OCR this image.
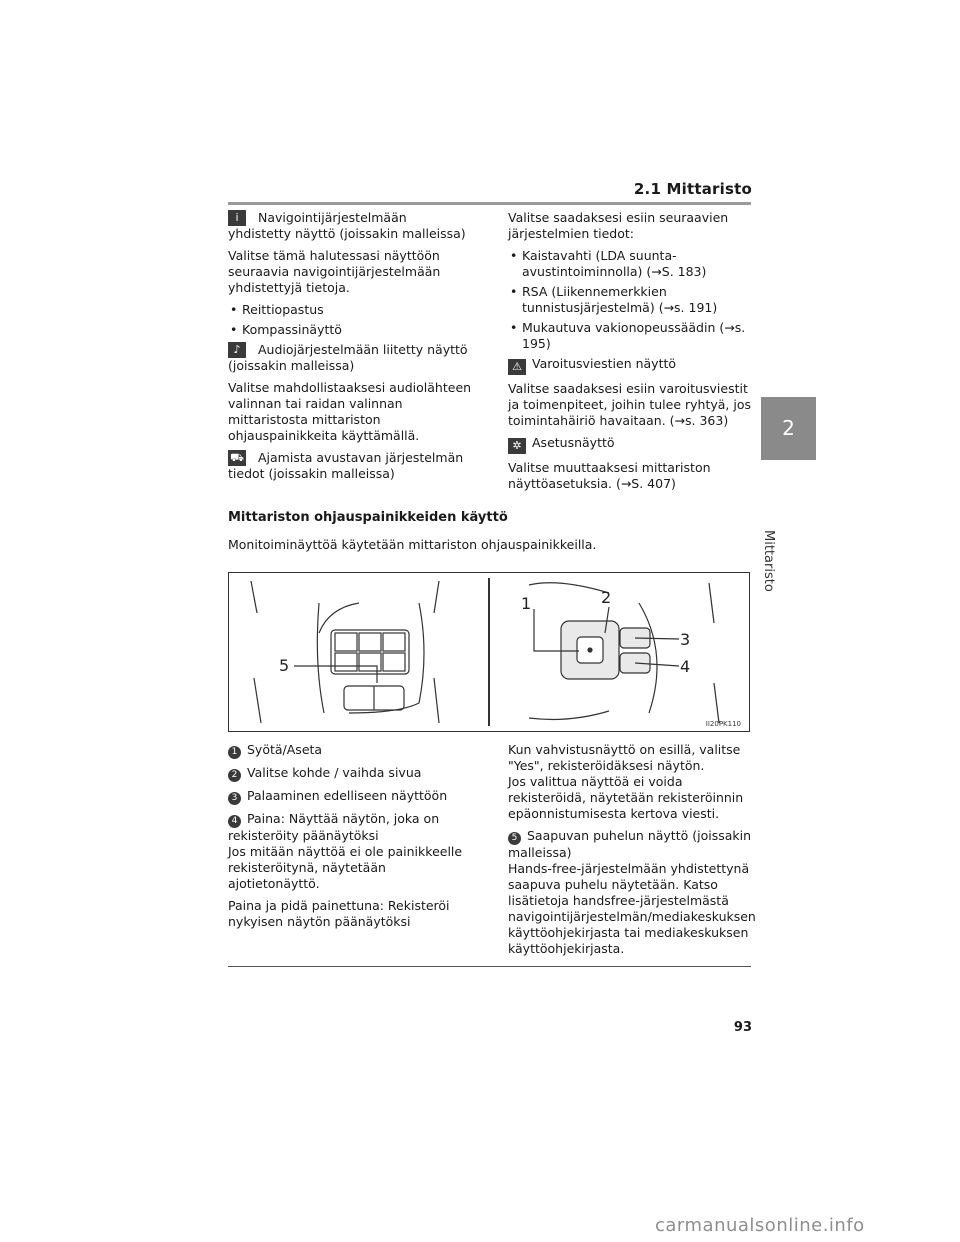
2.1 Mittaristo
2
Mittaristo

i	Navigointijärjestelmään yhdistetty näyttö (joissakin malleissa)

Valitse tämä halutessasi näyttöön seuraavia navigointijärjestelmään yhdistettyjä tietoja.

• Reittiopastus
• Kompassinäyttö

♪	Audiojärjestelmään liitetty näyttö (joissakin malleissa)

Valitse mahdollistaaksesi audiolähteen valinnan tai raidan valinnan mittaristosta mittariston ohjauspainikkeita käyttämällä.

⛟ Ajamista avustavan järjestelmän tiedot (joissakin malleissa)

Valitse saadaksesi esiin seuraavien järjestelmien tiedot:

• Kaistavahti (LDA suunta-avustintoiminnolla) (→S. 183)
• RSA (Liikennemerkkien tunnistusjärjestelmä) (→s. 191)
• Mukautuva vakionopeussäädin (→s. 195)

⚠ Varoitusviestien näyttö

Valitse saadaksesi esiin varoitusviestit ja toimenpiteet, joihin tulee ryhtyä, jos toimintahäiriö havaitaan. (→s. 363)

✲ Asetusnäyttö

Valitse muuttaaksesi mittariston näyttöasetuksia. (→S. 407)

Mittariston ohjauspainikkeiden käyttö
Monitoiminäyttöä käytetään mittariston ohjauspainikkeilla.
1	2
3
4
5
II20PK110

1 Syötä/Aseta

2 Valitse kohde / vaihda sivua

3 Palaaminen edelliseen näyttöön

4 Paina: Näyttää näytön, joka on rekisteröity päänäytöksi

Jos mitään näyttöä ei ole painikkeelle rekisteröitynä, näytetään ajotietonäyttö.

Paina ja pidä painettuna: Rekisteröi nykyisen näytön päänäytöksi

Kun vahvistusnäyttö on esillä, valitse "Yes", rekisteröidäksesi näytön.

Jos valittua näyttöä ei voida rekisteröidä, näytetään rekisteröinnin epäonnistumisesta kertova viesti.

5 Saapuvan puhelun näyttö (joissakin malleissa)

Hands-free-järjestelmään yhdistettynä saapuva puhelu näytetään. Katso lisätietoja handsfree-järjestelmästä navigointijärjestelmän/mediakeskuksen käyttöohjekirjasta tai mediakeskuksen käyttöohjekirjasta.

93
carmanualsonline.info
